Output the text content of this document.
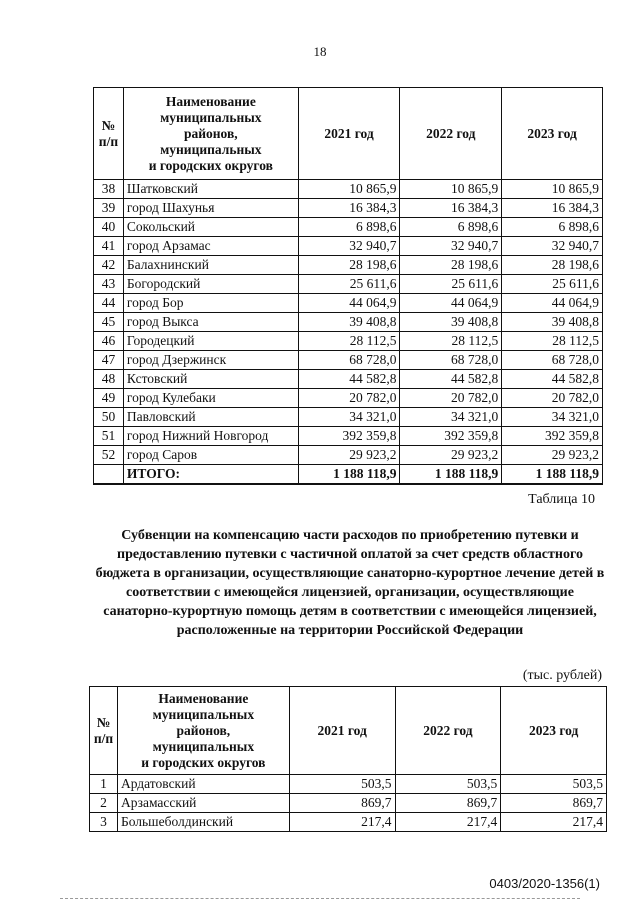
18
№
п/п	Наименование
муниципальных
районов,
муниципальных
и городских округов	2021 год	2022 год	2023 год
38	Шатковский	10 865,9	10 865,9	10 865,9
39	город Шахунья	16 384,3	16 384,3	16 384,3
40	Сокольский	6 898,6	6 898,6	6 898,6
41	город Арзамас	32 940,7	32 940,7	32 940,7
42	Балахнинский	28 198,6	28 198,6	28 198,6
43	Богородский	25 611,6	25 611,6	25 611,6
44	город Бор	44 064,9	44 064,9	44 064,9
45	город Выкса	39 408,8	39 408,8	39 408,8
46	Городецкий	28 112,5	28 112,5	28 112,5
47	город Дзержинск	68 728,0	68 728,0	68 728,0
48	Кстовский	44 582,8	44 582,8	44 582,8
49	город Кулебаки	20 782,0	20 782,0	20 782,0
50	Павловский	34 321,0	34 321,0	34 321,0
51	город Нижний Новгород	392 359,8	392 359,8	392 359,8
52	город Саров	29 923,2	29 923,2	29 923,2
	ИТОГО:	1 188 118,9	1 188 118,9	1 188 118,9
Таблица 10
Субвенции на компенсацию части расходов по приобретению путевки и предоставлению путевки с частичной оплатой за счет средств областного бюджета в организации, осуществляющие санаторно-курортное лечение детей в соответствии с имеющейся лицензией, организации, осуществляющие санаторно-курортную помощь детям в соответствии с имеющейся лицензией, расположенные на территории Российской Федерации
(тыс. рублей)
№
п/п	Наименование
муниципальных
районов,
муниципальных
и городских округов	2021 год	2022 год	2023 год
1	Ардатовский	503,5	503,5	503,5
2	Арзамасский	869,7	869,7	869,7
3	Большеболдинский	217,4	217,4	217,4
0403/2020-1356(1)
